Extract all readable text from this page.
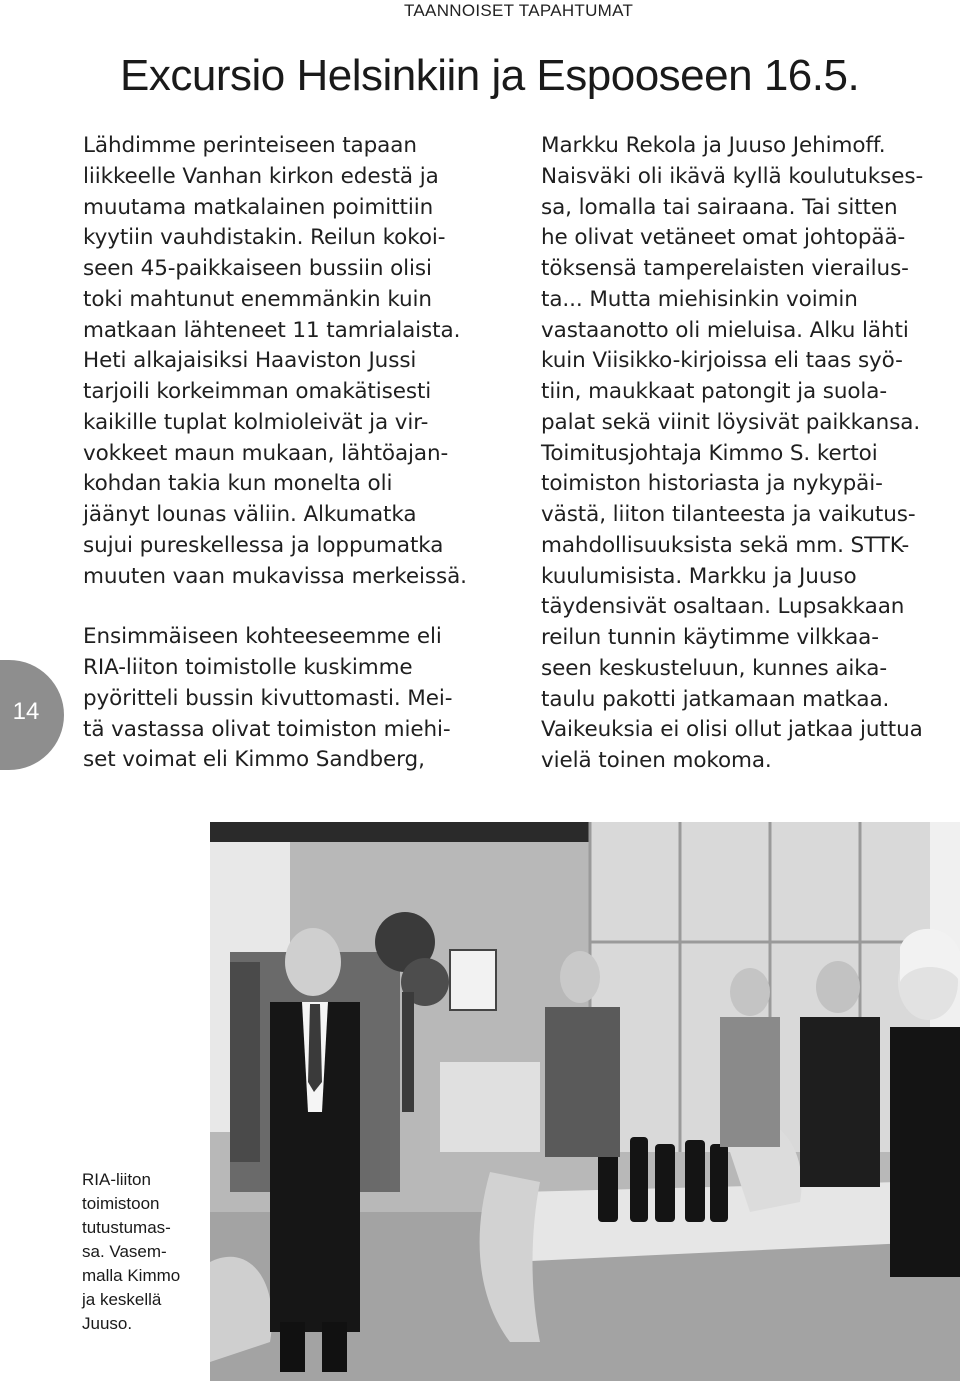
TAANNOISET TAPAHTUMAT
Excursio Helsinkiin ja Espooseen 16.5.

Lähdimme perinteiseen tapaan
liikkeelle Vanhan kirkon edestä ja
muutama matkalainen poimittiin
kyytiin vauhdistakin. Reilun kokoi-
seen 45-paikkaiseen bussiin olisi
toki mahtunut enemmänkin kuin
matkaan lähteneet 11 tamrialaista.
Heti alkajaisiksi Haaviston Jussi
tarjoili korkeimman omakätisesti
kaikille tuplat kolmioleivät ja vir-
vokkeet maun mukaan, lähtöajan-
kohdan takia kun monelta oli
jäänyt lounas väliin. Alkumatka
sujui pureskellessa ja loppumatka
muuten vaan mukavissa merkeissä.

Ensimmäiseen kohteeseemme eli
RIA-liiton toimistolle kuskimme
pyöritteli bussin kivuttomasti. Mei-
tä vastassa olivat toimiston miehi-
set voimat eli Kimmo Sandberg,

Markku Rekola ja Juuso Jehimoff.
Naisväki oli ikävä kyllä koulutukses-
sa, lomalla tai sairaana. Tai sitten
he olivat vetäneet omat johtopää-
töksensä tamperelaisten vierailus-
ta... Mutta miehisinkin voimin
vastaanotto oli mieluisa. Alku lähti
kuin Viisikko-kirjoissa eli taas syö-
tiin, maukkaat patongit ja suola-
palat sekä viinit löysivät paikkansa.
Toimitusjohtaja Kimmo S. kertoi
toimiston historiasta ja nykypäi-
västä, liiton tilanteesta ja vaikutus-
mahdollisuuksista sekä mm. STTK-
kuulumisista. Markku ja Juuso
täydensivät osaltaan. Lupsakkaan
reilun tunnin käytimme vilkkaa-
seen keskusteluun, kunnes aika-
taulu pakotti jatkamaan matkaa.
Vaikeuksia ei olisi ollut jatkaa juttua
vielä toinen mokoma.

14

RIA-liiton
toimistoon
tutustumas-
sa. Vasem-
malla Kimmo
ja keskellä
Juuso.
